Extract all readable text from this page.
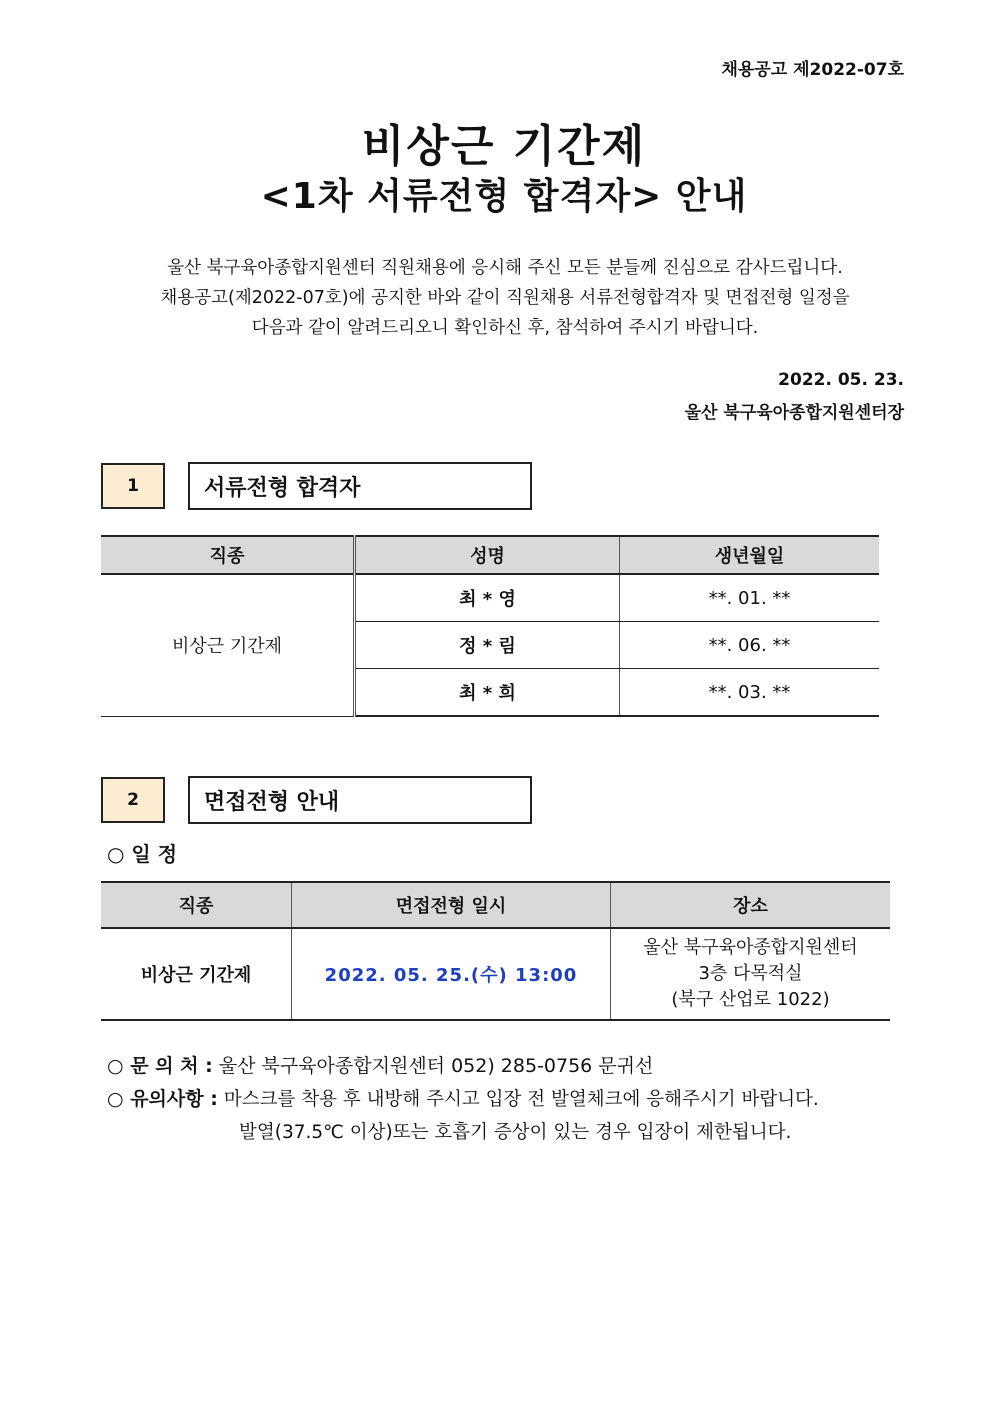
채용공고 제2022-07호
비상근 기간제
<1차 서류전형 합격자> 안내
울산 북구육아종합지원센터 직원채용에 응시해 주신 모든 분들께 진심으로 감사드립니다.
채용공고(제2022-07호)에 공지한 바와 같이 직원채용 서류전형합격자 및 면접전형 일정을
다음과 같이 알려드리오니 확인하신 후, 참석하여 주시기 바랍니다.
2022. 05. 23.
울산 북구육아종합지원센터장
1	서류전형 합격자
직종	성명	생년월일
비상근 기간제	최 * 영	**. 01. **
	정 * 림	**. 06. **
	최 * 희	**. 03. **
2	면접전형 안내
○ 일 정
직종	면접전형 일시	장소
비상근 기간제	2022. 05. 25.(수) 13:00	울산 북구육아종합지원센터
3층 다목적실
(북구 산업로 1022)
○ 문 의 처 : 울산 북구육아종합지원센터 052) 285-0756 문귀선
○ 유의사항 : 마스크를 착용 후 내방해 주시고 입장 전 발열체크에 응해주시기 바랍니다.
발열(37.5℃ 이상)또는 호흡기 증상이 있는 경우 입장이 제한됩니다.
